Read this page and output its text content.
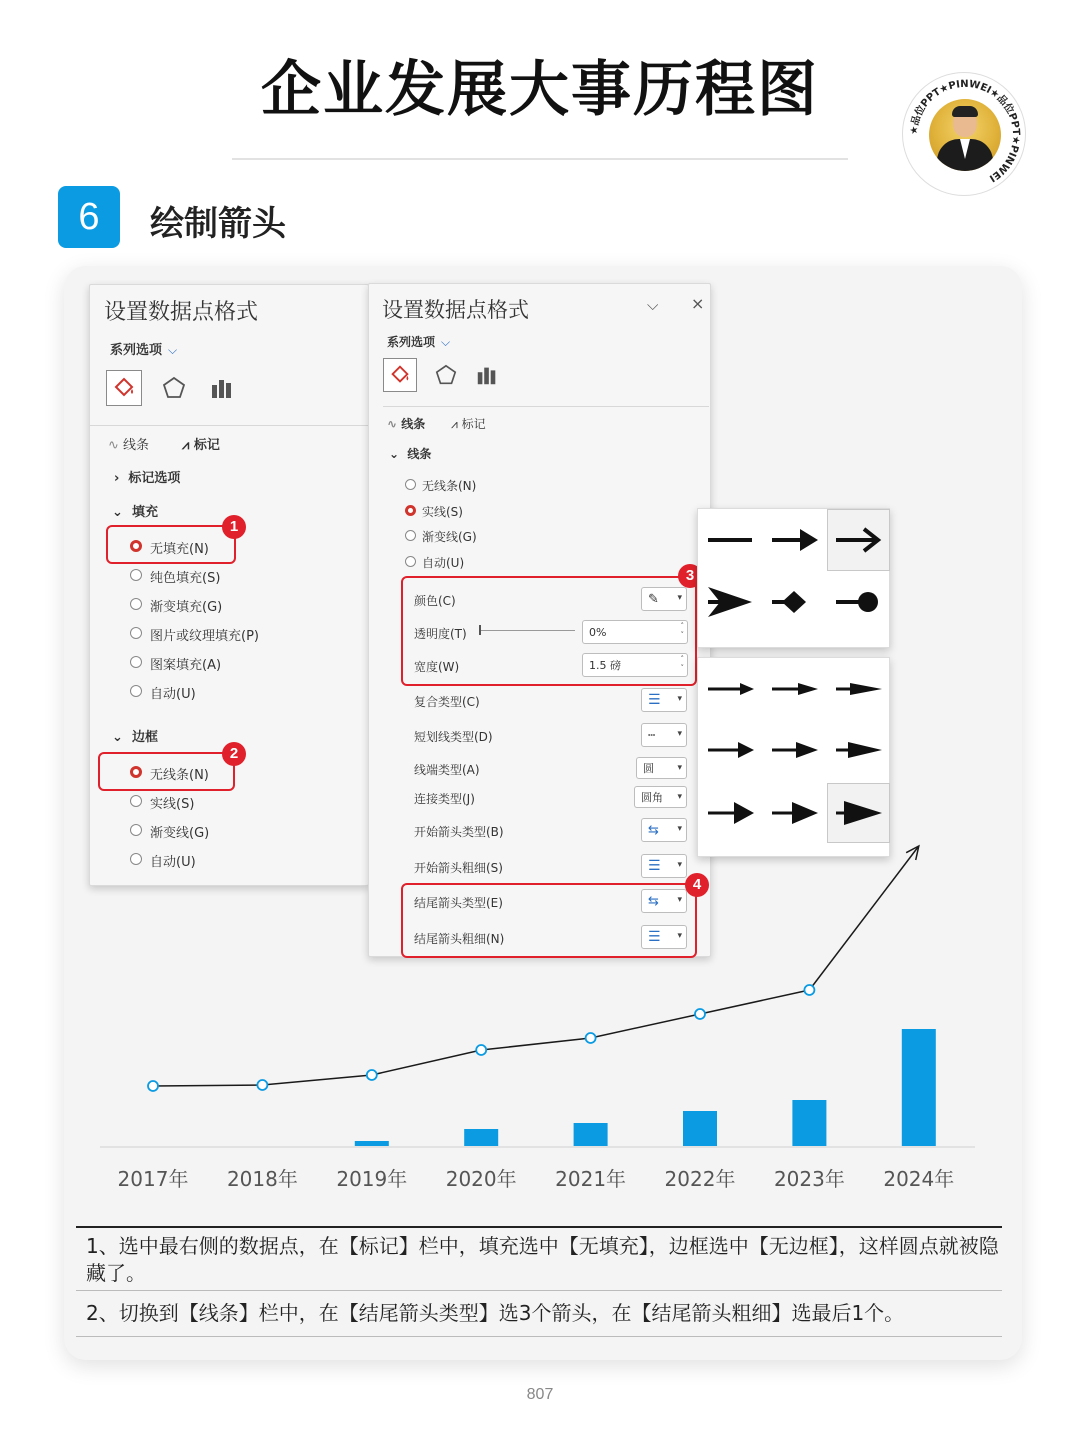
企业发展大事历程图
★品位PPT★PINWEI★品位PPT★PINWEI
6	绘制箭头
2017年 2018年 2019年 2020年 2021年 2022年 2023年 2024年
设置数据点格式
系列选项 ⌵
∿ 线条	⩘ 标记
› 标记选项
⌄ 填充
无填充(N)
纯色填充(S)
渐变填充(G)
图片或纹理填充(P)
图案填充(A)
自动(U)
⌄ 边框
无线条(N)
实线(S)
渐变线(G)
自动(U)
1
2
设置数据点格式	⌵ ×
系列选项 ⌵
∿ 线条 ⩘ 标记
⌄ 线条
无线条(N)
实线(S)
渐变线(G)
自动(U)
颜色(C)	✎ ▾
透明度(T)	0%	˄
˅
宽度(W)	1.5 磅	˄
˅
复合类型(C)	☰ ▾
短划线类型(D)	┅ ▾
线端类型(A)	圆	▾
连接类型(J)	圆角 ▾
开始箭头类型(B)	⇆ ▾
开始箭头粗细(S)	☰ ▾
结尾箭头类型(E)	⇆ ▾
结尾箭头粗细(N)	☰ ▾
3
4
1、选中最右侧的数据点，在【标记】栏中，填充选中【无填充】，边框选中【无边框】，这样圆点就被隐藏了。
2、切换到【线条】栏中，在【结尾箭头类型】选3个箭头，在【结尾箭头粗细】选最后1个。
807
